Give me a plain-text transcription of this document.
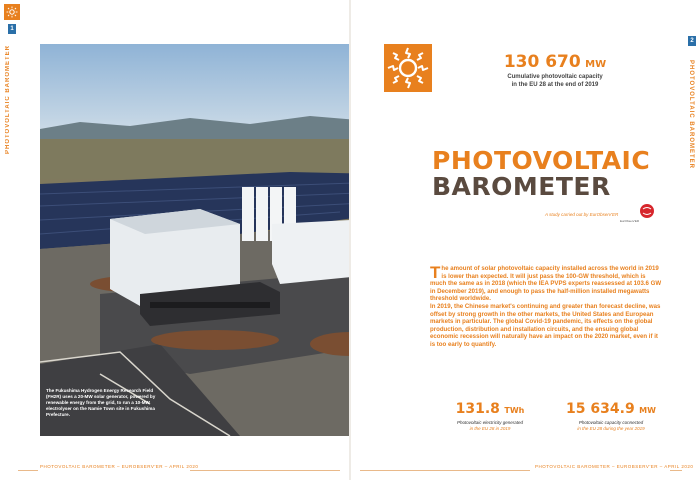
1
PHOTOVOLTAIC BAROMETER
The Fukushima Hydrogen Energy Research Field (FH2R) uses a 20-MW solar generator, powered by renewable energy from the grid, to run a 10-MW electrolyser on the Namie Town site in Fukushima Prefecture.
PHOTOVOLTAIC BAROMETER – EUROBSERV'ER – APRIL 2020
2
PHOTOVOLTAIC BAROMETER
PHOTOVOLTAIC BAROMETER – EUROBSERV'ER – APRIL 2020
130 670 MW
Cumulative photovoltaic capacity
in the EU 28 at the end of 2019
PHOTOVOLTAIC
BAROMETER
A study carried out by EurObserv'ER
EurObserv'ER
The amount of solar photovoltaic capacity installed across the world in 2019 is lower than expected. It will just pass the 100-GW threshold, which is much the same as in 2018 (which the IEA PVPS experts reassessed at 103.6 GW in December 2019), and enough to pass the half-million installed megawatts threshold worldwide.
In 2019, the Chinese market's continuing and greater than forecast decline, was offset by strong growth in the other markets, the United States and European markets in particular. The global Covid-19 pandemic, its effects on the global production, distribution and installation circuits, and the ensuing global economic recession will naturally have an impact on the 2020 market, even if it is too early to quantify.
131.8 TWh
Photovoltaic electricity generated
in the EU 28 in 2019
15 634.9 MW
Photovoltaic capacity connected
in the EU 28 during the year 2019
